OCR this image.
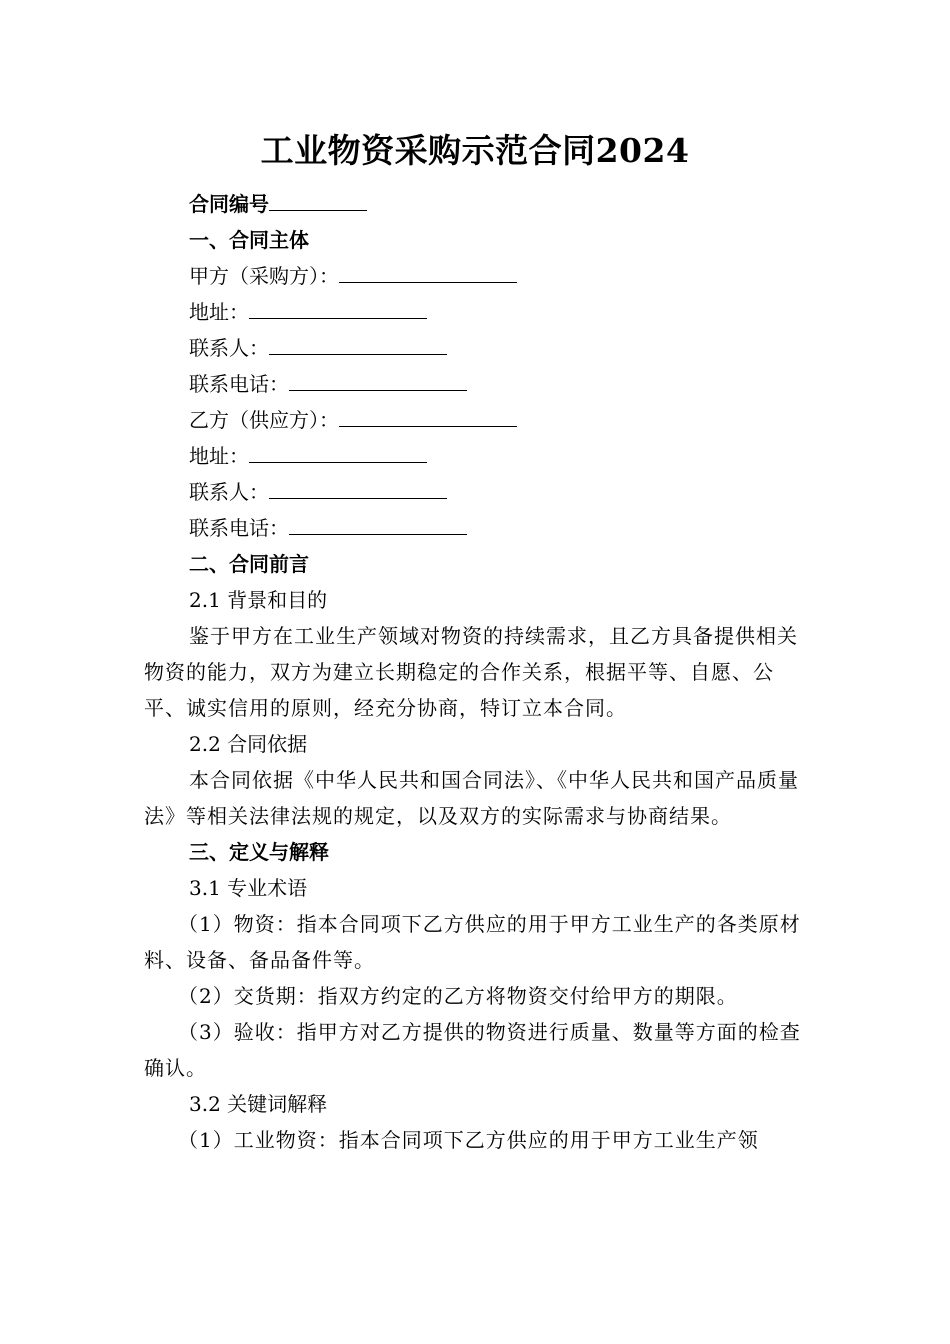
工业物资采购示范合同2024

合同编号

一、合同主体

甲方（采购方）：

地址：

联系人：

联系电话：

乙方（供应方）：

地址：

联系人：

联系电话：

二、合同前言

2.1 背景和目的

鉴于甲方在工业生产领域对物资的持续需求，且乙方具备提供相关物资的能力，双方为建立长期稳定的合作关系，根据平等、自愿、公平、诚实信用的原则，经充分协商，特订立本合同。

2.2 合同依据

本合同依据《中华人民共和国合同法》、《中华人民共和国产品质量法》等相关法律法规的规定，以及双方的实际需求与协商结果。

三、定义与解释

3.1 专业术语

（1）物资：指本合同项下乙方供应的用于甲方工业生产的各类原材料、设备、备品备件等。

（2）交货期：指双方约定的乙方将物资交付给甲方的期限。

（3）验收：指甲方对乙方提供的物资进行质量、数量等方面的检查确认。

3.2 关键词解释

（1）工业物资：指本合同项下乙方供应的用于甲方工业生产领
